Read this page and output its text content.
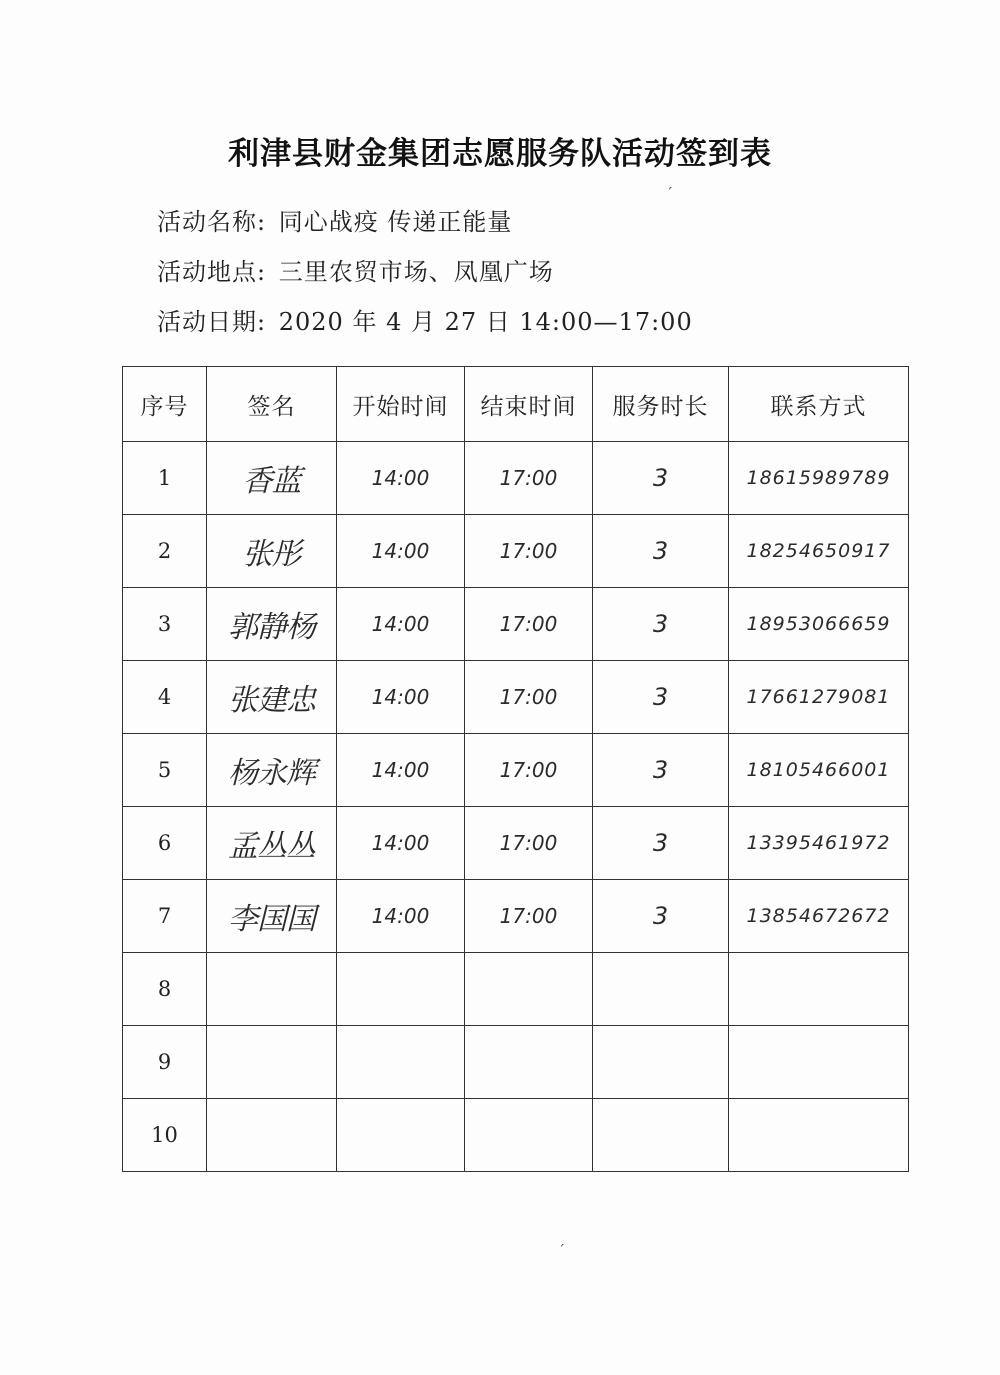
利津县财金集团志愿服务队活动签到表
活动名称: 同心战疫 传递正能量
活动地点: 三里农贸市场、凤凰广场
活动日期: 2020 年 4 月 27 日 14:00—17:00
序号	签名	开始时间	结束时间	服务时长	联系方式
1	香蓝	14:00	17:00	3	18615989789
2	张彤	14:00	17:00	3	18254650917
3	郭静杨	14:00	17:00	3	18953066659
4	张建忠	14:00	17:00	3	17661279081
5	杨永辉	14:00	17:00	3	18105466001
6	孟丛丛	14:00	17:00	3	13395461972
7	李国国	14:00	17:00	3	13854672672
8					
9					
10					
ˊ
ˊ
